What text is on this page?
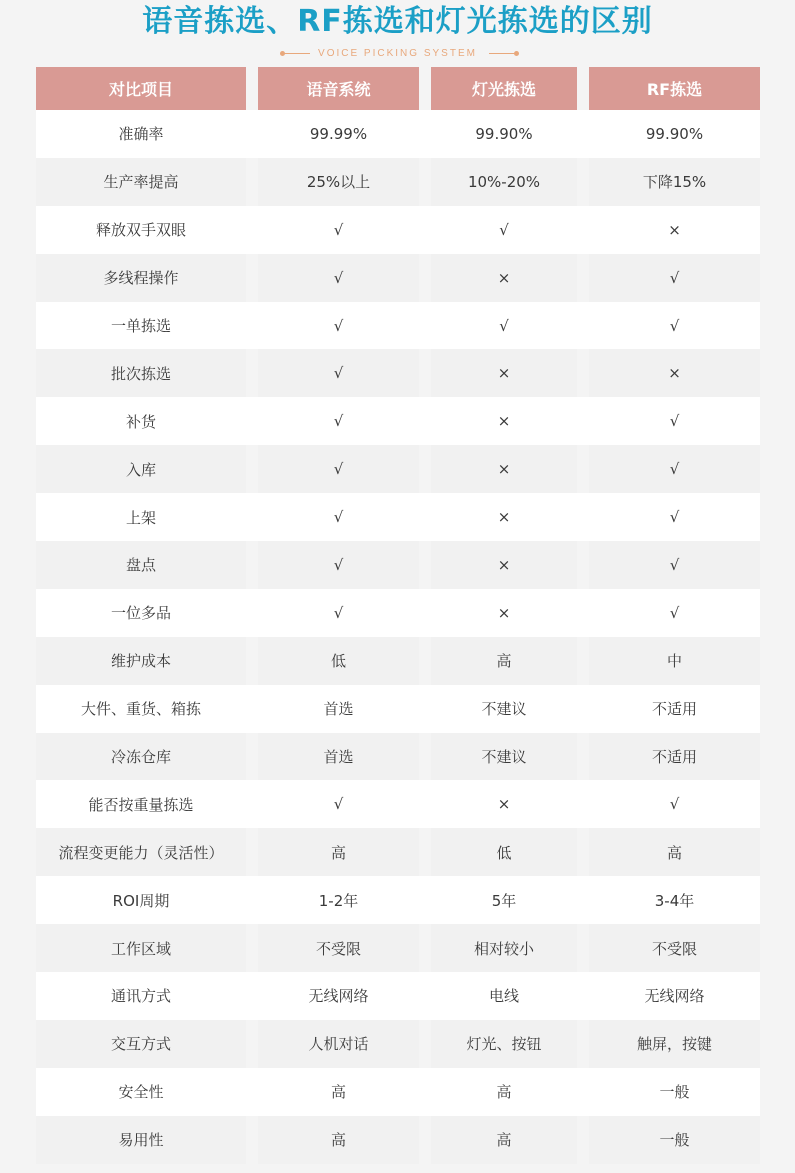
语音拣选、RF拣选和灯光拣选的区别
VOICE PICKING SYSTEM
对比项目	语音系统	灯光拣选	RF拣选
准确率	99.99%	99.90%	99.90%
生产率提高	25%以上	10%-20%	下降15%
释放双手双眼	√	√	×
多线程操作	√	×	√
一单拣选	√	√	√
批次拣选	√	×	×
补货	√	×	√
入库	√	×	√
上架	√	×	√
盘点	√	×	√
一位多品	√	×	√
维护成本	低	高	中
大件、重货、箱拣	首选	不建议	不适用
冷冻仓库	首选	不建议	不适用
能否按重量拣选	√	×	√
流程变更能力（灵活性）	高	低	高
ROI周期	1-2年	5年	3-4年
工作区域	不受限	相对较小	不受限
通讯方式	无线网络	电线	无线网络
交互方式	人机对话	灯光、按钮	触屏，按键
安全性	高	高	一般
易用性	高	高	一般
